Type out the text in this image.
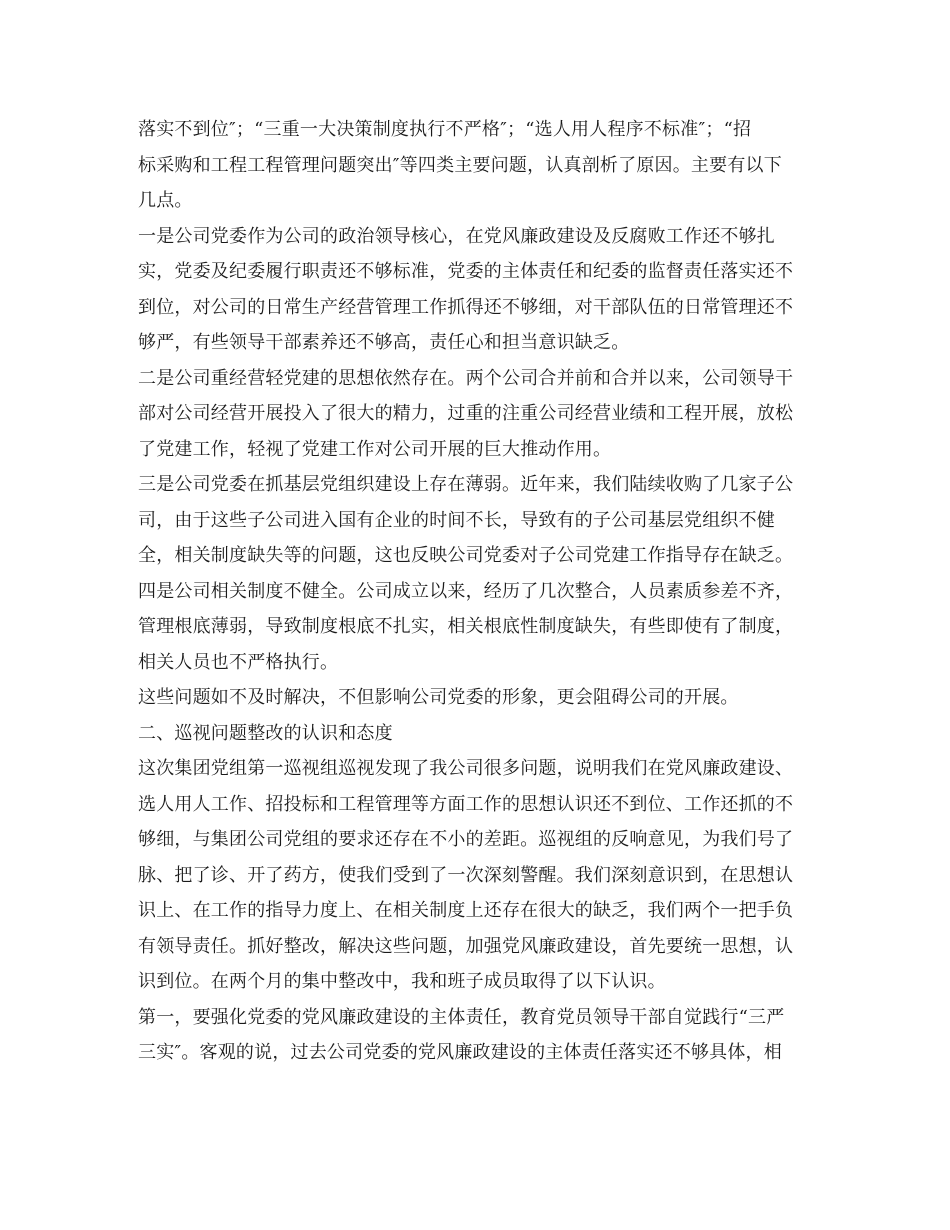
落实不到位″；“三重一大决策制度执行不严格″；“选人用人程序不标准″；“招
标采购和工程工程管理问题突出″等四类主要问题，认真剖析了原因。主要有以下
几点。
一是公司党委作为公司的政治领导核心，在党风廉政建设及反腐败工作还不够扎
实，党委及纪委履行职责还不够标准，党委的主体责任和纪委的监督责任落实还不
到位，对公司的日常生产经营管理工作抓得还不够细，对干部队伍的日常管理还不
够严，有些领导干部素养还不够高，责任心和担当意识缺乏。
二是公司重经营轻党建的思想依然存在。两个公司合并前和合并以来，公司领导干
部对公司经营开展投入了很大的精力，过重的注重公司经营业绩和工程开展，放松
了党建工作，轻视了党建工作对公司开展的巨大推动作用。
三是公司党委在抓基层党组织建设上存在薄弱。近年来，我们陆续收购了几家子公
司，由于这些子公司进入国有企业的时间不长，导致有的子公司基层党组织不健
全，相关制度缺失等的问题，这也反映公司党委对子公司党建工作指导存在缺乏。
四是公司相关制度不健全。公司成立以来，经历了几次整合，人员素质参差不齐，
管理根底薄弱，导致制度根底不扎实，相关根底性制度缺失，有些即使有了制度，
相关人员也不严格执行。
这些问题如不及时解决，不但影响公司党委的形象，更会阻碍公司的开展。
二、巡视问题整改的认识和态度
这次集团党组第一巡视组巡视发现了我公司很多问题，说明我们在党风廉政建设、
选人用人工作、招投标和工程管理等方面工作的思想认识还不到位、工作还抓的不
够细，与集团公司党组的要求还存在不小的差距。巡视组的反响意见，为我们号了
脉、把了诊、开了药方，使我们受到了一次深刻警醒。我们深刻意识到，在思想认
识上、在工作的指导力度上、在相关制度上还存在很大的缺乏，我们两个一把手负
有领导责任。抓好整改，解决这些问题，加强党风廉政建设，首先要统一思想，认
识到位。在两个月的集中整改中，我和班子成员取得了以下认识。
第一，要强化党委的党风廉政建设的主体责任，教育党员领导干部自觉践行“三严
三实″。客观的说，过去公司党委的党风廉政建设的主体责任落实还不够具体，相
